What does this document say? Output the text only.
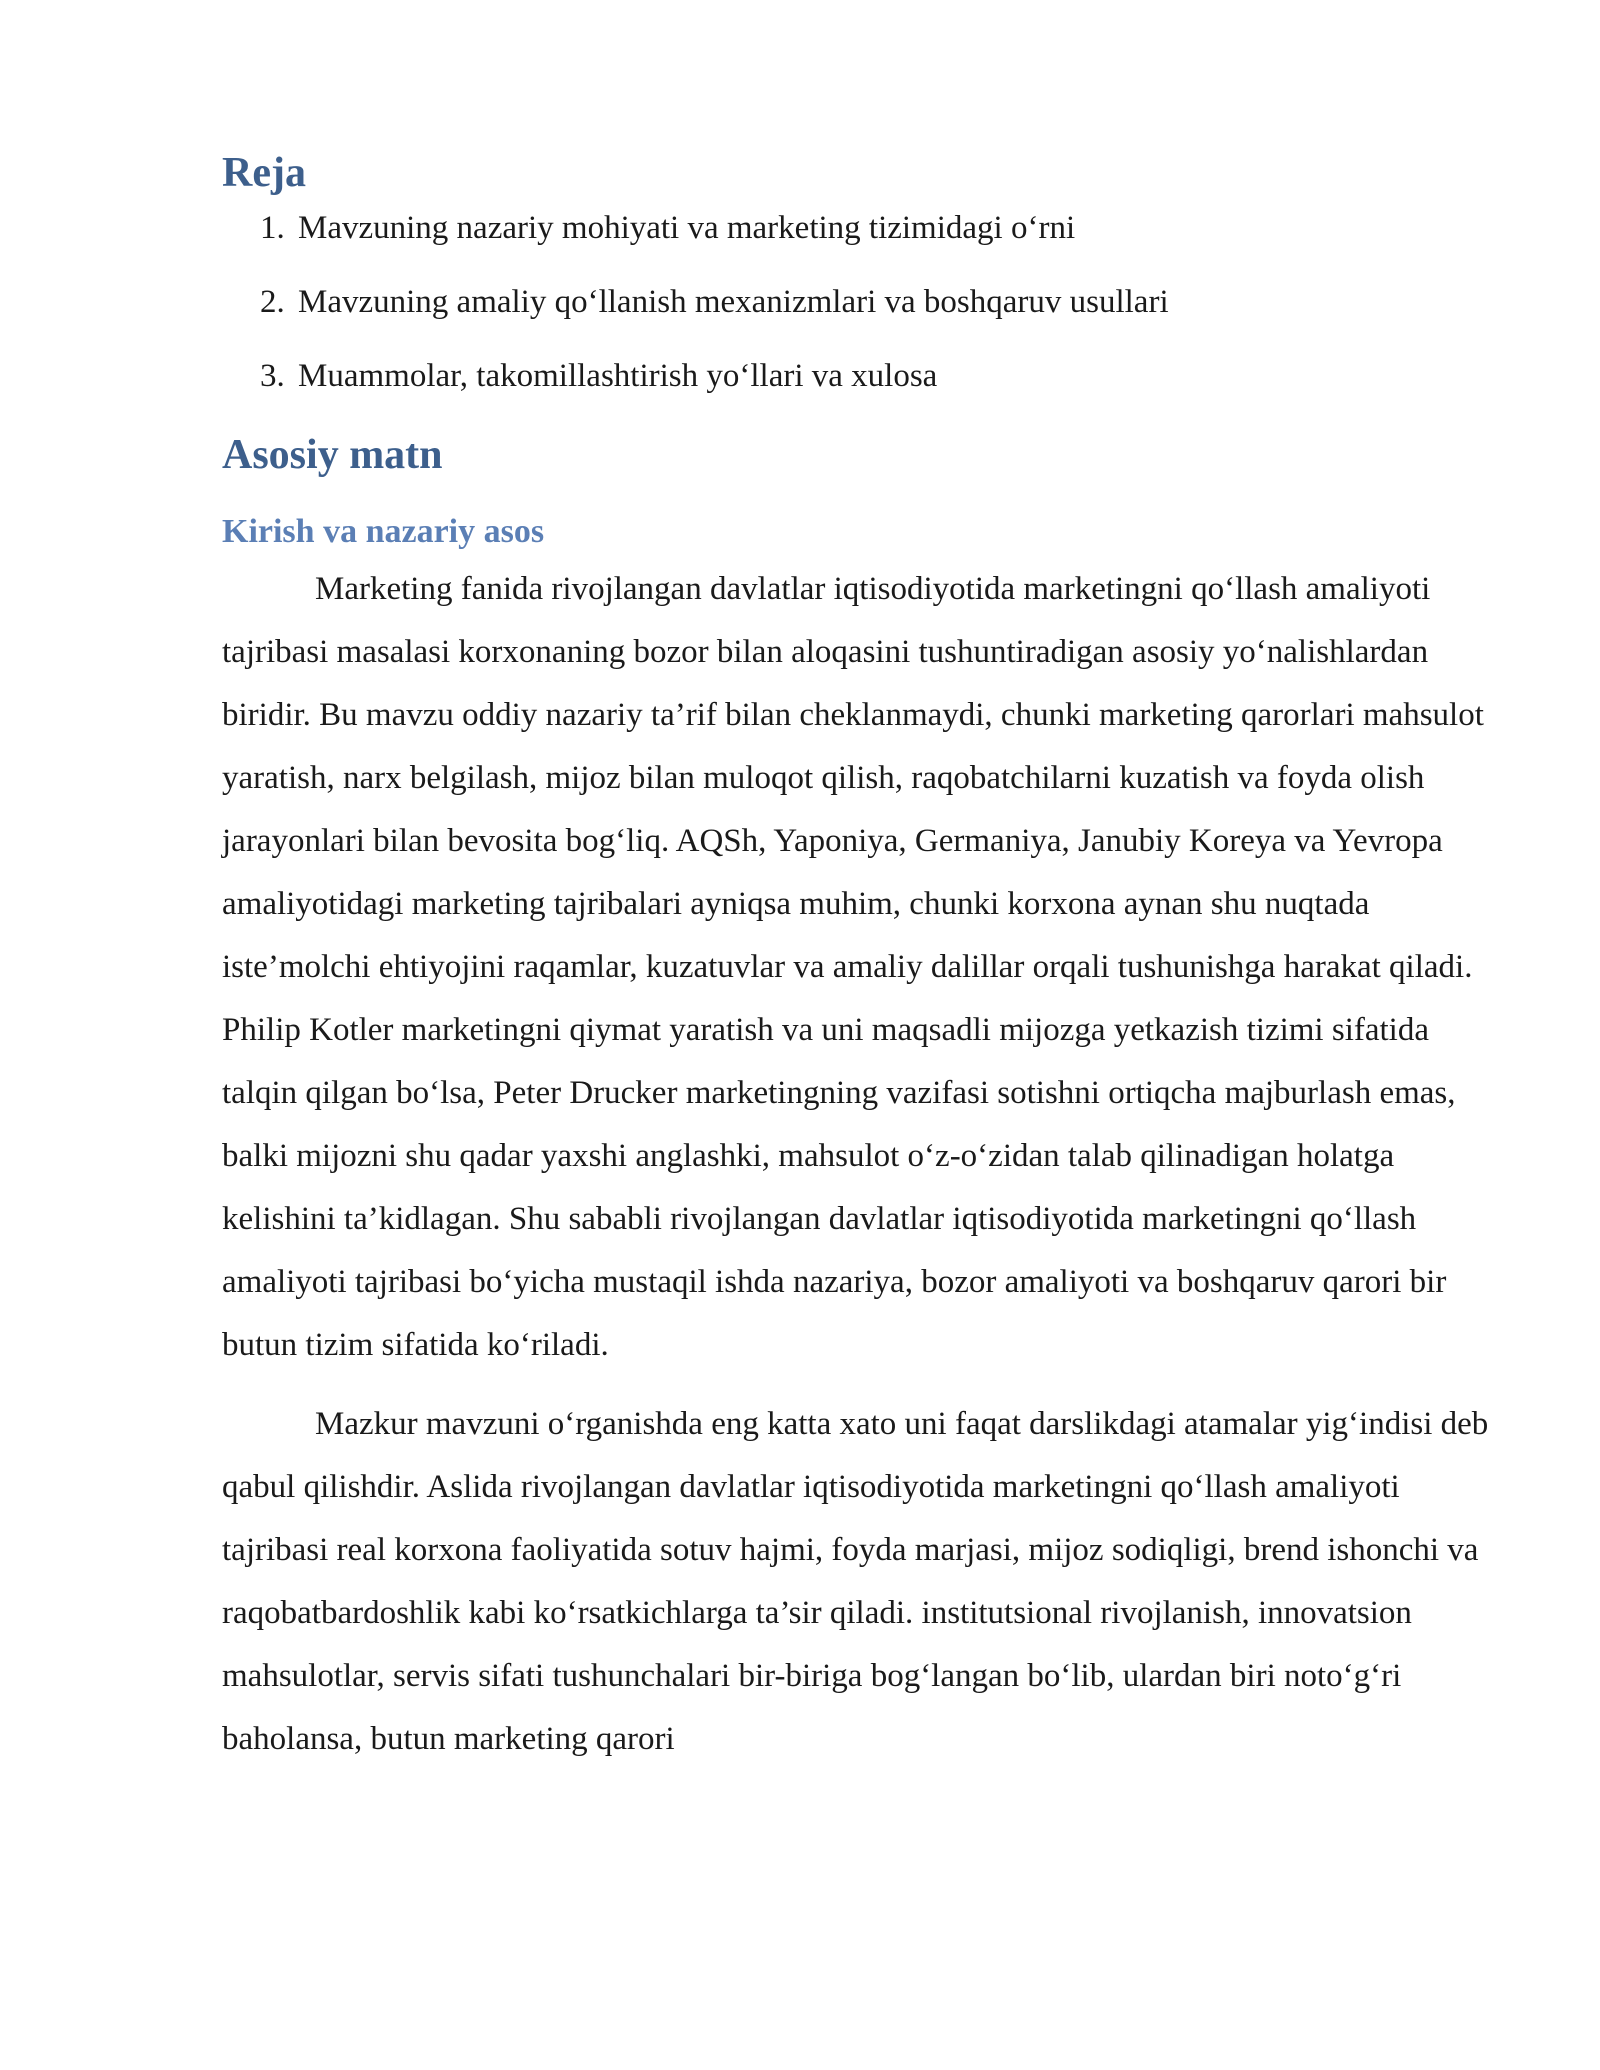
Reja
1. Mavzuning nazariy mohiyati va marketing tizimidagi o‘rni
2. Mavzuning amaliy qo‘llanish mexanizmlari va boshqaruv usullari
3. Muammolar, takomillashtirish yo‘llari va xulosa
Asosiy matn
Kirish va nazariy asos

Marketing fanida rivojlangan davlatlar iqtisodiyotida marketingni qo‘llash amaliyoti tajribasi masalasi korxonaning bozor bilan aloqasini tushuntiradigan asosiy yo‘nalishlardan biridir. Bu mavzu oddiy nazariy ta’rif bilan cheklanmaydi, chunki marketing qarorlari mahsulot yaratish, narx belgilash, mijoz bilan muloqot qilish, raqobatchilarni kuzatish va foyda olish jarayonlari bilan bevosita bog‘liq. AQSh, Yaponiya, Germaniya, Janubiy Koreya va Yevropa amaliyotidagi marketing tajribalari ayniqsa muhim, chunki korxona aynan shu nuqtada iste’molchi ehtiyojini raqamlar, kuzatuvlar va amaliy dalillar orqali tushunishga harakat qiladi. Philip Kotler marketingni qiymat yaratish va uni maqsadli mijozga yetkazish tizimi sifatida talqin qilgan bo‘lsa, Peter Drucker marketingning vazifasi sotishni ortiqcha majburlash emas, balki mijozni shu qadar yaxshi anglashki, mahsulot o‘z-o‘zidan talab qilinadigan holatga kelishini ta’kidlagan. Shu sababli rivojlangan davlatlar iqtisodiyotida marketingni qo‘llash amaliyoti tajribasi bo‘yicha mustaqil ishda nazariya, bozor amaliyoti va boshqaruv qarori bir butun tizim sifatida ko‘riladi.

Mazkur mavzuni o‘rganishda eng katta xato uni faqat darslikdagi atamalar yig‘indisi deb qabul qilishdir. Aslida rivojlangan davlatlar iqtisodiyotida marketingni qo‘llash amaliyoti tajribasi real korxona faoliyatida sotuv hajmi, foyda marjasi, mijoz sodiqligi, brend ishonchi va raqobatbardoshlik kabi ko‘rsatkichlarga ta’sir qiladi. institutsional rivojlanish, innovatsion mahsulotlar, servis sifati tushunchalari bir-biriga bog‘langan bo‘lib, ulardan biri noto‘g‘ri baholansa, butun marketing qarori
